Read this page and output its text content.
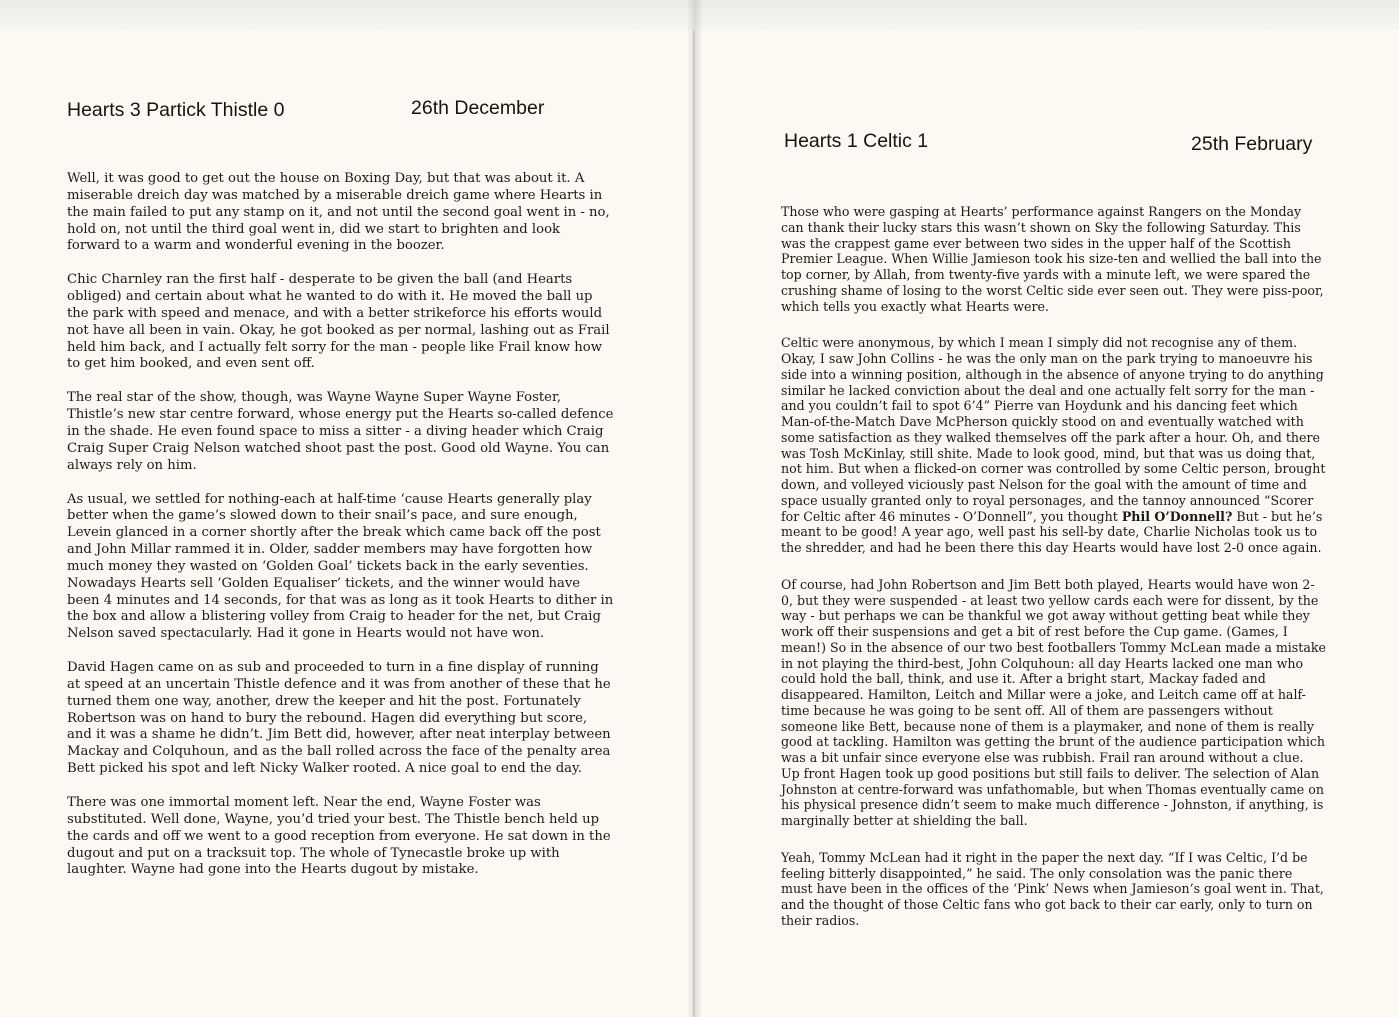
Hearts 3 Partick Thistle 0	26th December

Well, it was good to get out the house on Boxing Day, but that was about it. A miserable dreich day was matched by a miserable dreich game where Hearts in the main failed to put any stamp on it, and not until the second goal went in - no, hold on, not until the third goal went in, did we start to brighten and look forward to a warm and wonderful evening in the boozer.

Chic Charnley ran the first half - desperate to be given the ball (and Hearts obliged) and certain about what he wanted to do with it. He moved the ball up the park with speed and menace, and with a better strikeforce his efforts would not have all been in vain. Okay, he got booked as per normal, lashing out as Frail held him back, and I actually felt sorry for the man - people like Frail know how to get him booked, and even sent off.

The real star of the show, though, was Wayne Wayne Super Wayne Foster, Thistle’s new star centre forward, whose energy put the Hearts so-called defence in the shade. He even found space to miss a sitter - a diving header which Craig Craig Super Craig Nelson watched shoot past the post. Good old Wayne. You can always rely on him.

As usual, we settled for nothing-each at half-time ‘cause Hearts generally play better when the game’s slowed down to their snail’s pace, and sure enough, Levein glanced in a corner shortly after the break which came back off the post and John Millar rammed it in. Older, sadder members may have forgotten how much money they wasted on ‘Golden Goal’ tickets back in the early seventies. Nowadays Hearts sell ‘Golden Equaliser’ tickets, and the winner would have been 4 minutes and 14 seconds, for that was as long as it took Hearts to dither in the box and allow a blistering volley from Craig to header for the net, but Craig Nelson saved spectacularly. Had it gone in Hearts would not have won.

David Hagen came on as sub and proceeded to turn in a fine display of running at speed at an uncertain Thistle defence and it was from another of these that he turned them one way, another, drew the keeper and hit the post. Fortunately Robertson was on hand to bury the rebound. Hagen did everything but score, and it was a shame he didn’t. Jim Bett did, however, after neat interplay between Mackay and Colquhoun, and as the ball rolled across the face of the penalty area Bett picked his spot and left Nicky Walker rooted. A nice goal to end the day.

There was one immortal moment left. Near the end, Wayne Foster was substituted. Well done, Wayne, you’d tried your best. The Thistle bench held up the cards and off we went to a good reception from everyone. He sat down in the dugout and put on a tracksuit top. The whole of Tynecastle broke up with laughter. Wayne had gone into the Hearts dugout by mistake.

Hearts 1 Celtic 1	25th February

Those who were gasping at Hearts’ performance against Rangers on the Monday can thank their lucky stars this wasn’t shown on Sky the following Saturday. This was the crappest game ever between two sides in the upper half of the Scottish Premier League. When Willie Jamieson took his size-ten and wellied the ball into the top corner, by Allah, from twenty-five yards with a minute left, we were spared the crushing shame of losing to the worst Celtic side ever seen out. They were piss-poor, which tells you exactly what Hearts were.

Celtic were anonymous, by which I mean I simply did not recognise any of them. Okay, I saw John Collins - he was the only man on the park trying to manoeuvre his side into a winning position, although in the absence of anyone trying to do anything similar he lacked conviction about the deal and one actually felt sorry for the man - and you couldn’t fail to spot 6’4” Pierre van Hoydunk and his dancing feet which Man-of-the-Match Dave McPherson quickly stood on and eventually watched with some satisfaction as they walked themselves off the park after a hour. Oh, and there was Tosh McKinlay, still shite. Made to look good, mind, but that was us doing that, not him. But when a flicked-on corner was controlled by some Celtic person, brought down, and volleyed viciously past Nelson for the goal with the amount of time and space usually granted only to royal personages, and the tannoy announced “Scorer for Celtic after 46 minutes - O’Donnell”, you thought Phil O’Donnell? But - but he’s meant to be good! A year ago, well past his sell-by date, Charlie Nicholas took us to the shredder, and had he been there this day Hearts would have lost 2-0 once again.

Of course, had John Robertson and Jim Bett both played, Hearts would have won 2-0, but they were suspended - at least two yellow cards each were for dissent, by the way - but perhaps we can be thankful we got away without getting beat while they work off their suspensions and get a bit of rest before the Cup game. (Games, I mean!) So in the absence of our two best footballers Tommy McLean made a mistake in not playing the third-best, John Colquhoun: all day Hearts lacked one man who could hold the ball, think, and use it. After a bright start, Mackay faded and disappeared. Hamilton, Leitch and Millar were a joke, and Leitch came off at half-time because he was going to be sent off. All of them are passengers without someone like Bett, because none of them is a playmaker, and none of them is really good at tackling. Hamilton was getting the brunt of the audience participation which was a bit unfair since everyone else was rubbish. Frail ran around without a clue. Up front Hagen took up good positions but still fails to deliver. The selection of Alan Johnston at centre-forward was unfathomable, but when Thomas eventually came on his physical presence didn’t seem to make much difference - Johnston, if anything, is marginally better at shielding the ball.

Yeah, Tommy McLean had it right in the paper the next day. “If I was Celtic, I’d be feeling bitterly disappointed,” he said. The only consolation was the panic there must have been in the offices of the ‘Pink’ News when Jamieson’s goal went in. That, and the thought of those Celtic fans who got back to their car early, only to turn on their radios.
